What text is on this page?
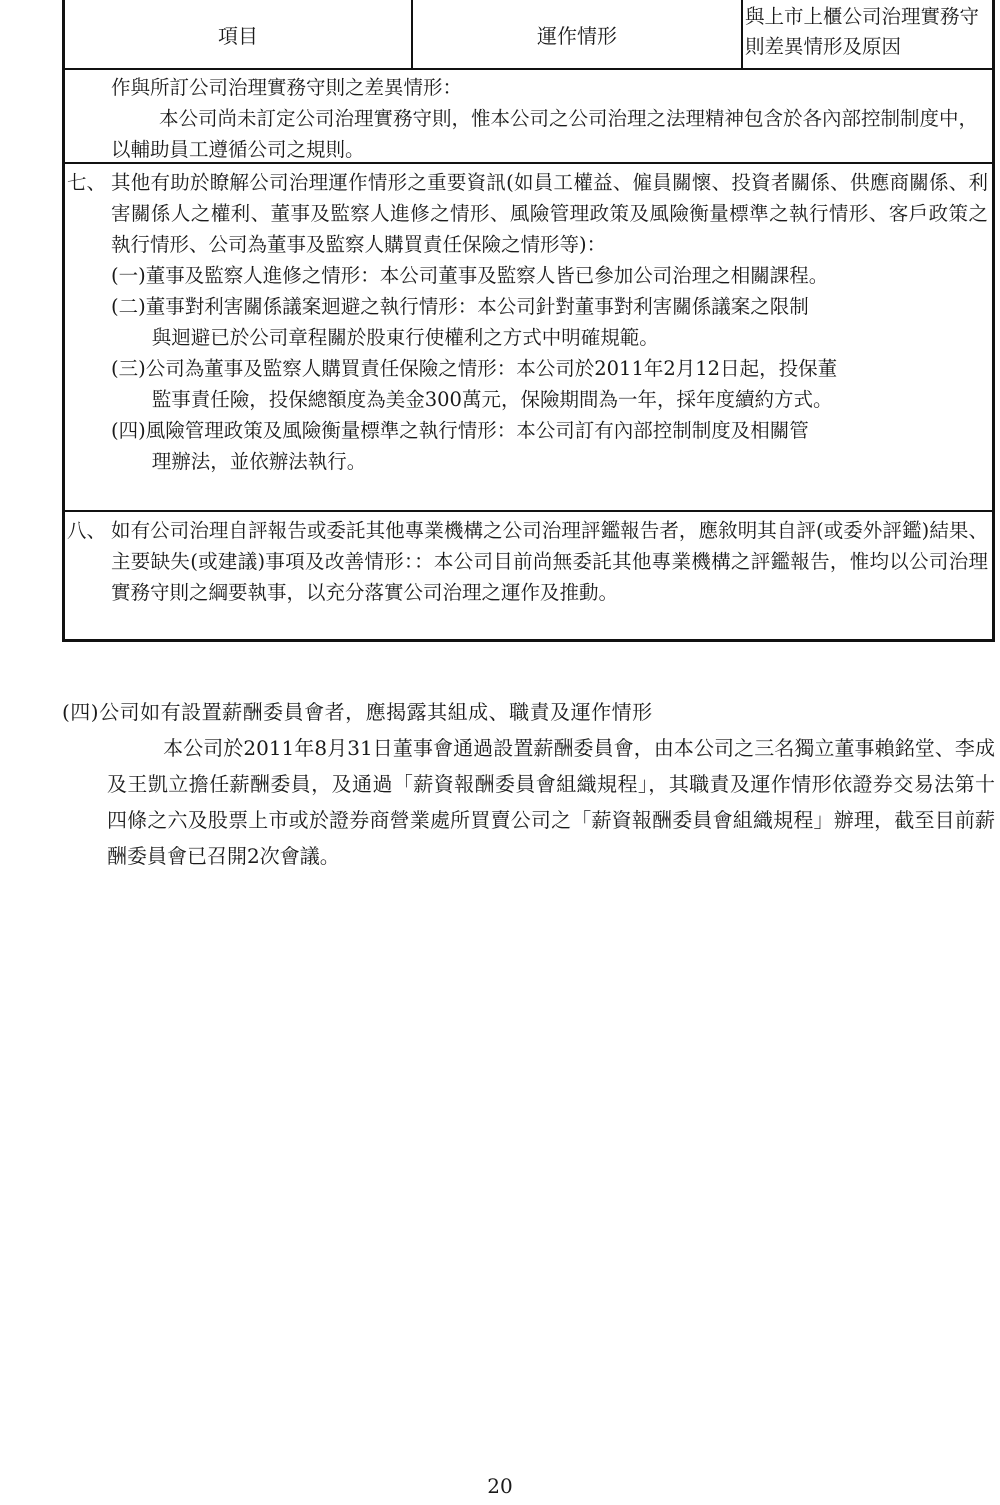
項目	運作情形
與上市上櫃公司治理實務守則差異情形及原因
作與所訂公司治理實務守則之差異情形：
本公司尚未訂定公司治理實務守則，惟本公司之公司治理之法理精神包含於各內部控制制度中，以輔助員工遵循公司之規則。
七、 其他有助於瞭解公司治理運作情形之重要資訊(如員工權益、僱員關懷、投資者關係、供應商關係、利害關係人之權利、董事及監察人進修之情形、風險管理政策及風險衡量標準之執行情形、客戶政策之執行情形、公司為董事及監察人購買責任保險之情形等)：
(一) 董事及監察人進修之情形：本公司董事及監察人皆已參加公司治理之相關課程。
(二) 董事對利害關係議案迴避之執行情形：本公司針對董事對利害關係議案之限制
與迴避已於公司章程關於股東行使權利之方式中明確規範。
(三) 公司為董事及監察人購買責任保險之情形：本公司於2011年2月12日起，投保董
監事責任險，投保總額度為美金300萬元，保險期間為一年，採年度續約方式。
(四) 風險管理政策及風險衡量標準之執行情形：本公司訂有內部控制制度及相關管
理辦法，並依辦法執行。
八、 如有公司治理自評報告或委託其他專業機構之公司治理評鑑報告者，應敘明其自評(或委外評鑑)結果、主要缺失(或建議)事項及改善情形：：本公司目前尚無委託其他專業機構之評鑑報告，惟均以公司治理實務守則之綱要執事，以充分落實公司治理之運作及推動。
(四)公司如有設置薪酬委員會者，應揭露其組成、職責及運作情形
本公司於2011年8月31日董事會通過設置薪酬委員會，由本公司之三名獨立董事賴銘堂、李成及王凱立擔任薪酬委員，及通過「薪資報酬委員會組織規程」，其職責及運作情形依證券交易法第十四條之六及股票上市或於證券商營業處所買賣公司之「薪資報酬委員會組織規程」辦理，截至目前薪酬委員會已召開2次會議。
20
